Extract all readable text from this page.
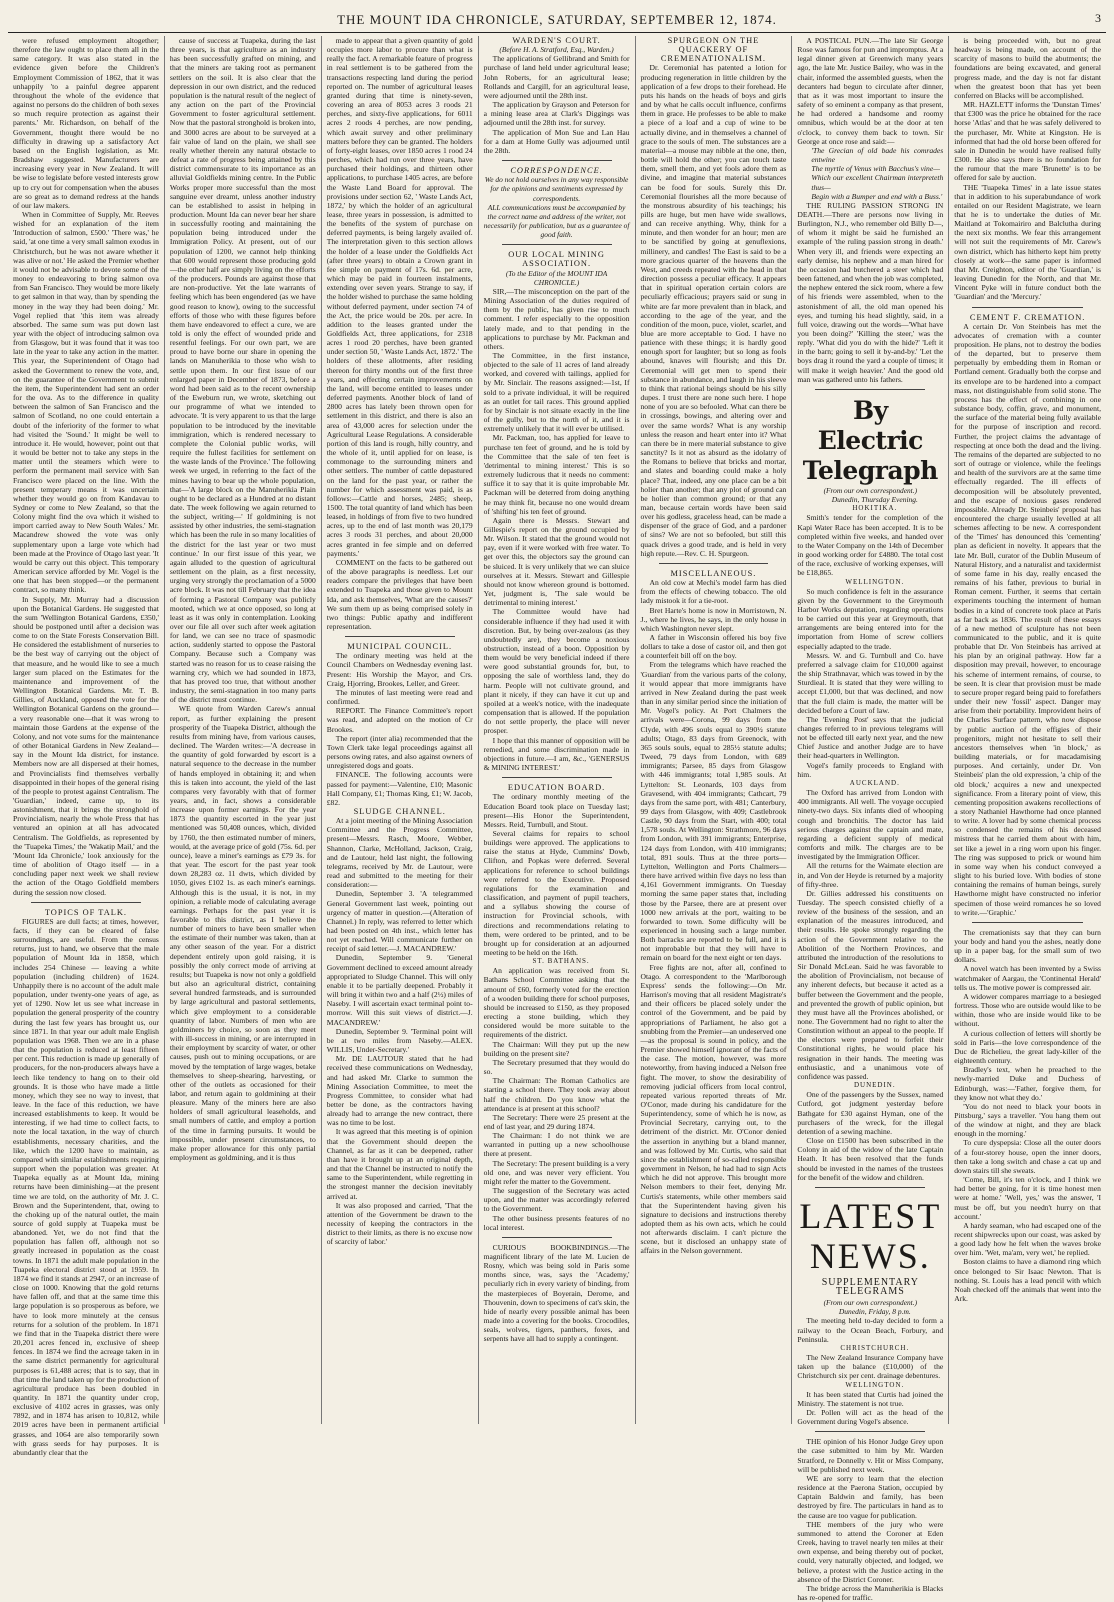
THE MOUNT IDA CHRONICLE, SATURDAY, SEPTEMBER 12, 1874.	3

were refused employment altogether; therefore the law ought to place them all in the same category. It was also stated in the evidence given before the Children's Employment Commission of 1862, that it was unhappily 'to a painful degree apparent throughout the whole of the evidence that against no persons do the children of both sexes so much require protection as against their parents.' Mr. Richardson, on behalf of the Government, thought there would be no difficulty in drawing up a satisfactory Act based on the English legislation, as Mr. Bradshaw suggested. Manufacturers are increasing every year in New Zealand. It will be wise to legislate before vested interests grow up to cry out for compensation when the abuses are so great as to demand redress at the hands of our law makers.

When in Committee of Supply, Mr. Reeves wished for an explanation of the item 'Introduction of salmon, £500.' 'There was,' he said, 'at one time a very small salmon exodus in Christchurch, but he was not aware whether it was alive or not.' He asked the Premier whether it would not be advisable to devote some of the money to endeavoring to bring salmon ova from San Francisco. They would be more likely to get salmon in that way, than by spending the money in the way they had been doing.' Mr. Vogel replied that 'this item was already absorbed. The same sum was put down last year with the object of introducing salmon ova from Glasgow, but it was found that it was too late in the year to take any action in the matter. This year, the Superintendent of Otago had asked the Government to renew the vote, and, on the guarantee of the Government to submit the item, the Superintendent had sent an order for the ova. As to the difference in quality between the salmon of San Francisco and the salmon of Scotland, no one could entertain a doubt of the inferiority of the former to what had visited the 'Sound.' It might be well to introduce it. He would, however, point out that it would be better not to take any steps in the matter until the steamers which were to perform the permanent mail service with San Francisco were placed on the line. With the present temperary means it was uncertain whether they would go on from Kandavau to Sydney or come to New Zealand, so that the Colony might find the ova which it wished to import carried away to New South Wales.' Mr. Macandrew showed the vote was only supplementary upon a large vote which had been made at the Province of Otago last year. 'It would be carry out this object. This temporary American service afforded by Mr. Vogel is the one that has been stopped—or the permanent contract, so many think.

In Supply, Mr. Murray had a discussion upon the Botanical Gardens. He suggested that the sum 'Wellington Botanical Gardens, £350,' should be postponed until after a decision was come to on the State Forests Conservation Bill. He considered the establishment of nurseries to be the best way of carrying out the object of that measure, and he would like to see a much larger sum placed on the Estimates for the maintenance and improvement of the Wellington Botanical Gardens. Mr. T. B. Gillies, of Auckland, opposed the vote for the Wellington Botanical Gardens on the ground—a very reasonable one—that it was wrong to maintain those Gardens at the expense of the Colony, and not vote sums for the maintenance of other Botanical Gardens in New Zealand—say in the Mount Ida district, for instance. Members now are all dispersed at their homes, and Provincialists find themselves verbally disappointed in their hopes of the general rising of the people to protest against Centralism. The 'Guardian,' indeed, came up, to its astonishment, that it brings the stronghold of Provincialism, nearly the whole Press that has ventured an opinion at all has advocated Centralism. The Goldfields, as represented by the 'Tuapeka Times,' the 'Wakatip Mail,' and the 'Mount Ida Chronicle,' look anxiously for the time of abolition of Otago itself — in a concluding paper next week we shall review the action of the Otago Goldfield members during the session now closed.

TOPICS OF TALK.

FIGURES are dull facts; at times, however, facts, if they can be cleared of false surroundings, are useful. From the census returns, just to hand, we observe that the male population of Mount Ida in 1858, which includes 254 Chinese — leaving a white population (including children) of 1624. Unhappily there is no account of the adult male population, under twenty-one years of age, as yet of 1290. Now let us see what increase in population the general prosperity of the country during the last few years has brought us, our since 1871. In that year our adult male English population was 1968. Then we are in a phase that the population is reduced at least fifteen per cent. This reduction is made up generally of producers, for the non-producers always have a leech like tendency to hang on to their old grounds. It is those who have made a little money, which they see no way to invest, that leave. In the face of this reduction, we have increased establishments to keep. It would be interesting, if we had time to collect facts, to note the local taxation, in the way of church establishments, necessary charities, and the like, which the 1200 have to maintain, as compared with similar establishments requiring support when the population was greater. At Tuapeka equally as at Mount Ida, mining returns have been diminishing—at the present time we are told, on the authority of Mr. J. C. Brown and the Superintendent, that, owing to the choking up of the natural outlet, the main source of gold supply at Tuapeka must be abandoned. Yet, we do not find that the population has fallen off, although not so greatly increased in population as the coast towns. In 1871 the adult male population in the Tuapeka electoral district stood at 1959. In 1874 we find it stands at 2947, or an increase of close on 1000. Knowing that the gold returns have fallen off, and that at the same time this large population is so prosperous as before, we have to look more minutely at the census returns for a solution of the problem. In 1871 we find that in the Tuapeka district there were 20,201 acres fenced in, exclusive of sheep fences. In 1874 we find the acreage taken in in the same district permanently for agricultural purposes is 61,488 acres; that is to say, that in that time the land taken up for the production of agricultural produce has been doubled in quantity. In 1871 the quantity under crop, exclusive of 4102 acres in grasses, was only 7892, and in 1874 has arisen to 10,812, while 2019 acres have been in permanent artificial grasses, and 1064 are also temporarily sown with grass seeds for hay purposes. It is abundantly clear that the

cause of success at Tuapeka, during the last three years, is that agriculture as an industry has been successfully grafted on mining, and that the miners are taking root as permanent settlers on the soil. It is also clear that the depression in our own district, and the reduced population is the natural result of the neglect of any action on the part of the Provincial Government to foster agricultural settlement. Now that the pastoral stronghold is broken into, and 3000 acres are about to be surveyed at a fair value of land on the plain, we shall see really whether therein any natural obstacle to defeat a rate of progress being attained by this district commensurate to its importance as an alluvial Goldfields mining centre. In the Public Works proper more successful than the most sanguine ever dreamt, unless another industry can be established to assist in helping in production. Mount Ida can never bear her share in successfully rooting and maintaining the population being introduced under the Immigration Policy. At present, out of our population of 1200, we cannot help thinking that 600 would represent those producing gold—the other half are simply living on the efforts of the producers. Pounds are against those that are non-productive. Yet the late warrants of feeling which has been engendered (as we have good reason to know), owing to the successful efforts of those who with these figures before them have endeavored to effect a cure, we are told is only the effect of wounded pride and resentful feelings. For our own part, we are proud to have borne our share in opening the lands on Manuherikia to those who wish to settle upon them. In our first issue of our enlarged paper in December of 1873, before a word had been said as to the recent ownership of the Eweburn run, we wrote, sketching out our programme of what we intended to advocate. 'It is very apparent to us that the large population to be introduced by the inevitable immigration, which is rendered necessary to complete the Colonial public works, will require the fullest facilities for settlement on the waste lands of the Province.' The following week we urged, in referring to the fact of the mines having to bear up the whole population, that—'A large block on the Manuherikia Plain ought to be declared as a Hundred at no distant date. The week following we again returned to the subject, writing—' If goldmining is not assisted by other industries, the semi-stagnation which has been the rule in so many localities of the district for the last year or two must continue.' In our first issue of this year, we again alluded to the question of agricultural settlement on the plain, as a first necessity, urging very strongly the proclamation of a 5000 acre block. It was not till February that the idea of forming a Pastoral Company was publicly mooted, which we at once opposed, so long at least as it was only in contemplation. Looking over our file all over such after week agitation for land, we can see no trace of spasmodic action, suddenly started to oppose the Pastoral Company. Because such a Company was started was no reason for us to cease raising the warning cry, which we had sounded in 1873, that has proved too true, that without another industry, the semi-stagnation in too many parts of the district must continue.

WE quote from Warden Carew's annual report, as further explaining the present prosperity of the Tuapeka District, although the results from mining have, from various causes, declined. The Warden writes:—'A decrease in the quantity of gold forwarded by escort is a natural sequence to the decrease in the number of hands employed in obtaining it; and when this is taken into account, the yield of the last compares very favorably with that of former years, and, in fact, shows a considerable increase upon former earnings. For the year 1873 the quantity escorted in the year just mentioned was 50,408 ounces, which, divided by 1760, the then estimated number of miners, would, at the average price of gold (75s. 6d. per ounce), leave a miner's earnings as £79 3s. for that year. The escort for the past year took down 28,283 oz. 11 dwts, which divided by 1050, gives £102 1s. as each miner's earnings. Although this is the usual, it is not, in my opinion, a reliable mode of calculating average earnings. Perhaps for the past year it is favorable to this district, as I believe the number of miners to have been smaller when the estimate of their number was taken, than at any other season of the year. For a district dependent entirely upon gold raising, it is possibly the only correct mode of arriving at results; but Tuapeka is now not only a goldfield but also an agricultural district, containing several hundred farmsteads, and is surrounded by large agricultural and pastoral settlements, which give employment to a considerable quantity of labor. Numbers of men who are goldminers by choice, so soon as they meet with ill-success in mining, or are interrupted in their employment by scarcity of water, or other causes, push out to mining occupations, or are moved by the temptation of large wages, betake themselves to sheep-shearing, harvesting, or other of the outlets as occasioned for their labor, and return again to goldmining at their pleasure. Many of the miners here are also holders of small agricultural leaseholds, and small numbers of cattle, and employ a portion of the time in farming pursuits. It would be impossible, under present circumstances, to make proper allowance for this only partial employment as goldmining, and it is thus

made to appear that a given quantity of gold occupies more labor to procure than what is really the fact. A remarkable feature of progress in real settlement is to be gathered from the transactions respecting land during the period reported on. The number of agricultural leases granted during that time is ninety-seven, covering an area of 8053 acres 3 roods 21 perches, and sixty-five applications, for 6011 acres 2 roods 4 perches, are now pending, which await survey and other preliminary matters before they can be granted. The holders of forty-eight leases, over 1850 acres 1 rood 24 perches, which had run over three years, have purchased their holdings, and thirteen other applications, to purchase 1405 acres, are before the Waste Land Board for approval. The provisions under section 62, ' Waste Lands Act, 1872,' by which the holder of an agricultural lease, three years in possession, is admitted to the benefits of the system of purchase on deferred payments, is being largely availed of. The interpretation given to this section allows the holder of a lease under the Goldfields Act (after three years) to obtain a Crown grant in fee simple on payment of 17s. 6d. per acre, which may be paid in fourteen instalments, extending over seven years. Strange to say, if the holder wished to purchase the same holding without deferred payment, under section 74 of the Act, the price would be 20s. per acre. In addition to the leases granted under the Goldfields Act, three applications, for 2318 acres 1 rood 20 perches, have been granted under section 50, ' Waste Lands Act, 1872.' The holders of these allotments, after residing thereon for thirty months out of the first three years, and effecting certain improvements on the land, will become entitled to leases under deferred payments. Another block of land of 2800 acres has lately been thrown open for settlement in this district, and there is also an area of 43,000 acres for selection under the Agricultural Lease Regulations. A considerable portion of this land is rough, hilly country, and the whole of it, until applied for on lease, is commonage to the surrounding miners and other settlers. The number of cattle depastured on the land for the past year, or rather the number for which assessment was paid, is as follows:—Cattle and horses, 2485; sheep, 1500. The total quantity of land which has been leased, in holdings of from five to two hundred acres, up to the end of last month was 20,179 acres 3 roods 31 perches, and about 20,000 acres granted in fee simple and on deferred payments.'

COMMENT on the facts to be gathered out of the above paragraphs is needless. Let our readers compare the privileges that have been extended to Tuapeka and those given to Mount Ida, and ask themselves, 'What are the causes?' We sum them up as being comprised solely in two things: Public apathy and indifferent representation.

MUNICIPAL COUNCIL.

The ordinary meeting was held at the Council Chambers on Wednesday evening last. Present: His Worship the Mayor, and Crs. Craig, Hjorring, Brookes, Leller, and Greer.

The minutes of last meeting were read and confirmed.

REPORT. The Finance Committee's report was read, and adopted on the motion of Cr Brookes.

The report (inter alia) recommended that the Town Clerk take legal proceedings against all persons owing rates, and also against owners of unregistered dogs and goats.

FINANCE. The following accounts were passed for payment:—Valentine, £10; Masonic Hall Company, £1; Thomas King, £1; W. Jacob, £82.

SLUDGE CHANNEL.

At a joint meeting of the Mining Association Committee and the Progress Committee, present—Messrs. Rasch, Moore, Webber, Shannon, Clarke, McHolland, Jackson, Craig, and de Lautour, held last night, the following telegrams, received by Mr. de Lautour, were read and submitted to the meeting for their consideration:—

Dunedin, September 3. 'A telegrammed General Government last week, pointing out urgency of matter in question.—(Alteration of Channel.) In reply, was referred to letter which had been posted on 4th inst., which letter has not yet reached. Will communicate further on receipt of said letter.—J. MACANDREW.'

Dunedin, September 9. 'General Government declined to exceed amount already appropriated to Sludge Channel. This will only enable it to be partially deepened. Probably it will bring it within two and a half (2½) miles of Naseby. I will ascertain exact terminal point to-morrow. Will this suit views of district.—J. MACANDREW.'

Dunedin, September 9. 'Terminal point will be at two miles from Naseby.—ALEX. WILLIS, Under-Secretary.'

Mr. DE LAUTOUR stated that he had received these communications on Wednesday, and had asked Mr. Clarke to summon the Mining Association Committee, to meet the Progress Committee, to consider what had better be done, as the contractors having already had to arrange the new contract, there was no time to be lost.

It was agreed that this meeting is of opinion that the Government should deepen the Channel, as far as it can be deepened, rather than have it brought up at an original depth, and that the Channel be instructed to notify the same to the Superintendent, while regretting in the strongest manner the decision inevitably arrived at.

It was also proposed and carried, 'That the attention of the Government be drawn to the necessity of keeping the contractors in the district to their limits, as there is no excuse now of scarcity of labor.'

WARDEN'S COURT.

(Before H. A. Stratford, Esq., Warden.)

The applications of Gellibrand and Smith for purchase of land held under agricultural lease; John Roberts, for an agricultural lease; Rollands and Cargill, for an agricultural lease, were adjourned until the 28th inst.

The application by Grayson and Peterson for a mining lease area at Clark's Diggings was adjourned until the 28th inst. for survey.

The application of Mon Sue and Lan Hau for a dam at Home Gully was adjourned until the 28th.

CORRESPONDENCE.

We do not hold ourselves in any way responsible for the opinions and sentiments expressed by correspondents.

ALL communications must be accompanied by the correct name and address of the writer, not necessarily for publication, but as a guarantee of good faith.

OUR LOCAL MINING ASSOCIATION.

(To the Editor of the MOUNT IDA CHRONICLE.)

SIR,—The misconception on the part of the Mining Association of the duties required of them by the public, has given rise to much comment. I refer especially to the opposition lately made, and to that pending in the applications to purchase by Mr. Packman and others.

The Committee, in the first instance, objected to the sale of 11 acres of land already worked, and covered with tailings, applied for by Mr. Sinclair. The reasons assigned:—1st, If sold to a private individual, it will be required as an outlet for tail races. This ground applied for by Sinclair is not situate exactly in the line of the gully, but to the north of it, and it is extremely unlikely that it will ever be utilised.

Mr. Packman, too, has applied for leave to purchase ten feet of ground, and he is told by the Committee that the sale of ten feet is 'detrimental to mining interest.' This is so extremely ludicrous that it needs no comment: suffice it to say that it is quite improbable Mr. Packman will be deterred from doing anything he may think fit, because no one would dream of 'shifting' his ten feet of ground.

Again there is Messrs. Stewart and Gillespie's report on the ground occupied by Mr. Wilson. It stated that the ground would not pay, even if it were worked with free water. To get over this, the objectors say the ground can be sluiced. It is very unlikely that we can sluice ourselves at it. Messrs. Stewart and Gillespie should not know whereon ground is bottomed. Yet, judgment is, 'The sale would be detrimental to mining interest.'

The Committee would have had considerable influence if they had used it with discretion. But, by being over-zealous (as they undoubtedly are), they become a noxious obstruction, instead of a boon. Opposition by them would be very beneficial indeed if there were good substantial grounds for, but, to opposing the sale of worthless land, they do harm. People will not cultivate ground, and plant it nicely, if they can have it cut up and spoiled at a week's notice, with the inadequate compensation that is allowed. If the population do not settle properly, the place will never prosper.

I hope that this manner of opposition will be remedied, and some discrimination made in objections in future.—I am, &c., 'GENERSUS & MINING INTEREST.'

EDUCATION BOARD.

The ordinary monthly meeting of the Education Board took place on Tuesday last; present—His Honor the Superintendent, Messrs. Reid, Turnbull, and Stout.

Several claims for repairs to school buildings were approved. The applications to raise the status at Hyde, Cummins' Dowb, Clifton, and Popkas were deferred. Several applications for reference to school buildings were referred to the Executive. Proposed regulations for the examination and classification, and payment of pupil teachers, and a syllabus showing the course of instruction for Provincial schools, with directions and recommendations relating to them, were ordered to be printed, and to be brought up for consideration at an adjourned meeting to be held on the 16th.

ST. BATHANS.

An application was received from St. Bathans School Committee asking that the amount of £60, formerly voted for the erection of a wooden building there for school purposes, should be increased to £150, as they proposed erecting a stone building, which they considered would be more suitable to the requirements of the district.

The Chairman: Will they put up the new building on the present site?

The Secretary presumed that they would do so.

The Chairman: The Roman Catholics are starting a school there. They took away about half the children. Do you know what the attendance is at present at this school?

The Secretary: There were 25 present at the end of last year, and 29 during 1874.

The Chairman: I do not think we are warranted in putting up a new schoolhouse there at present.

The Secretary: The present building is a very old one, and was never very efficient. You might refer the matter to the Government.

The suggestion of the Secretary was acted upon, and the matter was accordingly referred to the Government.

The other business presents features of no local interest.

CURIOUS BOOKBINDINGS.—The magnificent library of the late M. Lucien de Rosny, which was being sold in Paris some months since, was, says the 'Academy,' peculiarly rich in every variety of binding, from the masterpieces of Boyerain, Derome, and Thouvenin, down to specimens of cat's skin, the hide of nearly every possible animal has been made into a covering for the books. Crocodiles, seals, wolves, tigers, panthers, foxes, and serpents have all had to supply a contingent.

SPURGEON ON THE QUACKERY OF CREMENATIONALISM.

Dr. Ceremonial has patented a lotion for producing regeneration in little children by the application of a few drops to their forehead. He puts his hands on the heads of boys and girls and by what he calls occult influence, confirms them in grace. He professes to be able to make a piece of a loaf and a cup of wine to be actually divine, and in themselves a channel of grace to the souls of men. The substances are a material—a mouse may nibble at the one, then, bottle will hold the other; you can touch taste them, smell them, and yet fools adore them as divine, and imagine that material substances can be food for souls. Surely this Dr. Ceremonial flourishes all the more because of the monstrous absurdity of his teachings; his pills are huge, but men have wide swallows, and can receive anything. Why, think for a minute, and then wonder for an hour; men are to be sanctified by going at genuflexions, millinery, and candles! The East is said to be a more gracious quarter of the heavens than the West, and creeds repeated with the head in that direction possess a peculiar efficacy. It appears that in spiritual operation certain colors are peculiarly efficacious; prayers said or sung in white are far more prevalent than in black, and according to the age of the year, and the condition of the moon, puce, violet, scarlet, and blue are more acceptable to God. I have no patience with these things; it is hardly good enough sport for laughter; but so long as fools abound, knaves will flourish; and this Dr. Ceremonial will get men to spend their substance in abundance, and laugh in his sleeve to think that rational beings should be his silly dupes. I trust there are none such here. I hope none of you are so befooled. What can there be in crossings, bowings, and altering over and over the same words? What is any worship unless the reason and heart enter into it? What can there be in mere material substance to give sanctity? Is it not as absurd as the idolatry of the Romans to believe that bricks and mortar, and slates and boarding could make a holy place? That, indeed, any one place can be a bit holier than another; that any plot of ground can be holier than common ground; or that any man, because certain words have been said over his godless, graceless head, can be made a dispenser of the grace of God, and a pardoner of sins? We are not so befooled, but still this quack drives a good trade, and is held in very high repute.—Rev. C. H. Spurgeon.

MISCELLANEOUS.

An old cow at Mechi's model farm has died from the effects of chewing tobacco. The old lady mistook it for a tie-root.

Bret Harte's home is now in Morristown, N. J., where he lives, he says, in the only house in which Washington never slept.

A father in Wisconsin offered his boy five dollars to take a dose of castor oil, and then got a counterfeit bill off on the boy.

From the telegrams which have reached the 'Guardian' from the various parts of the colony, it would appear that more immigrants have arrived in New Zealand during the past week than in any similar period since the initiation of Mr. Vogel's policy. At Port Chalmers the arrivals were—Corona, 99 days from the Clyde, with 496 souls equal to 390½ statute adults; Otago, 83 days from Greenock, with 365 souls souls, equal to 285½ statute adults; Tweed, 79 days from London, with 689 immigrants; Parsee, 85 days from Glasgow with 446 immigrants; total 1,985 souls. At Lyttelton: St. Leonards, 103 days from Gravesend, with 404 immigrants; Cathcart, 79 days from the same port, with 481; Canterbury, 99 days from Glasgow, with 409; Castlebrook Castle, 90 days from the Start, with 400; total 1,578 souls. At Wellington: Strathmore, 96 days from London, with 391 immigrants; Enterprise, 124 days from London, with 410 immigrants; total, 891 souls. Thus at the three ports—Lyttelton, Wellington and Ports Chalmers—there have arrived within five days no less than 4,161 Government immigrants. On Tuesday morning the same paper states that, including those by the Parsee, there are at present over 1000 new arrivals at the port, waiting to be forwarded to town. Some difficulty will be experienced in housing such a large number. Both barracks are reported to be full, and it is not improbable but that they will have to remain on board for the next eight or ten days.

Free fights are not, after all, confined to Otago. A correspondent to the 'Marlborough Express' sends the following:—On Mr. Harrison's moving that all resident Magistrate's and their officers be placed solely under the control of the Government, and be paid by appropriations of Parliament, he also got a snubbing from the Premier—an undeserved one—as the proposal is sound in policy, and the Premier showed himself ignorant of the facts of the case. The motion, however, was more noteworthy, from having induced a Nelson free fight. The mover, to show the desirability of removing judicial officers from local control, repeated various reported threats of Mr. O'Conor, made during his candidature for the Superintendency, some of which he is now, as Provincial Secretary, carrying out, to the detriment of the district. Mr. O'Conor denied the assertion in anything but a bland manner, and was followed by Mr. Curtis, who said that since the establishment of so-called responsible government in Nelson, he had had to sign Acts which he did not approve. This brought more Nelson members to their feet, denying Mr. Curtis's statements, while other members said that the Superintendent having given his signature to decisions and instructions thereby adopted them as his own acts, which he could not afterwards disclaim. I can't picture the scene, but it disclosed an unhappy state of affairs in the Nelson government.

A POSTICAL PUN.—The late Sir George Rose was famous for pun and impromptus. At a legal dinner given at Greenwich many years ago, the late Mr. Justice Bailey, who was in the chair, informed the assembled guests, when the decanters had begun to circulate after dinner, that as it was most important to insure the safety of so eminent a company as that present, he had ordered a handsome and roomy omnibus, which would be at the door at ten o'clock, to convey them back to town. Sir George at once rose and said:—

'The Grecian of old bade his comrades entwine

The myrtle of Venus with Bacchus's vine—

Which our excellent Chairman interpreteth thus—

Begin with a Bumper and end with a Buss.'

THE RULING PASSION STRONG IN DEATH.—There are persons now living in Burlington, N.J., who remember old Billy D—, of whom it might be said he furnished an example of 'the ruling passion strong in death.' When very ill, and friends were expecting an early demise, his nephew and a man hired for the occasion had butchered a steer which had been fattened, and when the job was completed, the nephew entered the sick room, where a few of his friends were assembled, when to the astonishment of all, the old man opened his eyes, and turning his head slightly, said, in a full voice, drawing out the words—'What have you been doing?' 'Killing the steer,' was the reply. 'What did you do with the hide?' 'Left it in the barn; going to sell it by-and-by.' 'Let the boys drag it round the yard a couple of times; it will make it weigh heavier.' And the good old man was gathered unto his fathers.

By Electric Telegraph

(From our own correspondent.)

Dunedin, Thursday Evening.

HOKITIKA.

Smith's tender for the completion of the Kapi Water Race has been accepted. It is to be completed within five weeks, and handed over to the Water Company on the 14th of December in good working order for £4880. The total cost of the race, exclusive of working expenses, will be £18,865.

WELLINGTON.

So much confidence is felt in the assurance given by the Government to the Greymouth Harbor Works deputation, regarding operations to be carried out this year at Greymouth, that arrangements are being entered into for the importation from Home of screw colliers especially adapted to the trade.

Messrs. W. and G. Turnbull and Co. have preferred a salvage claim for £10,000 against the ship Strathnavar, which was towed in by the Sturdieal. It is stated that they were willing to accept £1,000, but that was declined, and now that the full claim is made, the matter will be decided before a Court of law.

The 'Evening Post' says that the judicial changes referred to in previous telegrams will not be effected till early next year, and the new Chief Justice and another Judge are to have their head-quarters in Wellington.

Vogel's family proceeds to England with him.

AUCKLAND.

The Oxford has arrived from London with 400 immigrants. All well. The voyage occupied ninety-two days. Six infants died of whooping cough and bronchitis. The doctor has laid serious charges against the captain and mate, regarding a deficient supply of medical comforts and milk. The charges are to be investigated by the Immigration Officer.

All the returns for the Waimate election are in, and Von der Heyde is returned by a majority of fifty-three.

Dr. Gillies addressed his constituents on Tuesday. The speech consisted chiefly of a review of the business of the session, and an explanation of the measures introduced, and their results. He spoke strongly regarding the action of the Government relative to the Abolition of the Northern Provinces, and attributed the introduction of the resolutions to Sir Donald McLean. Said he was favorable to the abolition of Provincialism, not because of any inherent defects, but because it acted as a buffer between the Government and the people, and prevented the growth of public opinion, but they must have all the Provinces abolished, or none. The Government had no right to alter the Constitution without an appeal to the people. If the electors were prepared to forfeit their Constitutional rights, he would place his resignation in their hands. The meeting was enthusiastic, and a unanimous vote of confidence was passed.

DUNEDIN.

One of the passengers by the Sussex, named Cutford, got judgment yesterday before Bathgate for £30 against Hyman, one of the purchasers of the wreck, for the illegal detention of a sewing machine.

Close on £1500 has been subscribed in the Colony in aid of the widow of the late Captain Heath. It has been resolved that the funds should be invested in the names of the trustees for the benefit of the widow and children.

LATEST NEWS.
SUPPLEMENTARY TELEGRAMS

(From our own correspondent.)

Dunedin, Friday, 8 p.m.

The meeting held to-day decided to form a railway to the Ocean Beach, Forbury, and Peninsula.

CHRISTCHURCH.

The New Zealand Insurance Company have taken up the balance (£10,000) of the Christchurch six per cent. drainage debentures.

WELLINGTON.

It has been stated that Curtis had joined the Ministry. The statement is not true.

Dr. Pollen will act as the head of the Government during Vogel's absence.

THE opinion of his Honor Judge Grey upon the case submitted to him by Mr. Warden Stratford, re Donnelly v. Hit or Miss Company, will be published next week.

WE are sorry to learn that the election residence at the Paerona Station, occupied by Captain Baldwin and family, has been destroyed by fire. The particulars in hand as to the cause are too vague for publication.

THE members of the jury who were summoned to attend the Coroner at Eden Creek, having to travel nearly ten miles at their own expense, and being thereby out of pocket, could, very naturally objected, and lodged, we believe, a protest with the Justice acting in the absence of the District Coroner.

The bridge across the Manuherikia is Blacks has re-opened for traffic.

is being proceeded with, but no great headway is being made, on account of the scarcity of masons to build the abutments; the foundations are being excavated, and general progress made, and the day is not far distant when the greatest boon that has yet been conferred on Blacks will be accomplished.

MR. HAZLETT informs the 'Dunstan Times' that £300 was the price he obtained for the race horse 'Atlas' and that he was safely delivered to the purchaser, Mr. White at Kingston. He is informed that had the old horse been offered for sale in Dunedin he would have realised fully £300. He also says there is no foundation for the rumour that the mare 'Brunette' is to be offered for sale by auction.

THE 'Tuapeka Times' in a late issue states that in addition to his superabundance of work entailed on our Resident Magistrate, we learn that he is to undertake the duties of Mr. Maitland at Tokomairiro and Balclutha during the next six months. We fear this arrangement will not suit the requirements of Mr. Carew's own district, which has hitherto kept him pretty closely at work—the same paper is informed that Mr. Creighton, editor of the 'Guardian,' is leaving Dunedin for the North, and that Mr. Vincent Pyke will in future conduct both the 'Guardian' and the 'Mercury.'

CEMENT F. CREMATION.

A certain Dr. Von Steinbeis has met the advocates of cremation with a counter proposition. He plans, not to destroy the bodies of the departed, but to preserve them perpetually by embedding them in Roman or Portland cement. Gradually both the corpse and its envelope are to be hardened into a compact mass, not distinguishable from solid stone. The process has the effect of combining in one substance body, coffin, grave, and monument, the surface of the material being fully available for the purpose of inscription and record. Further, the project claims the advantage of respecting at once both the dead and the living. The remains of the departed are subjected to no sort of outrage or violence, while the feelings and health of the survivors are at the same time effectually regarded. The ill effects of decomposition will be absolutely prevented, and the escape of noxious gases rendered impossible. Already Dr. Steinbeis' proposal has encountered the charge usually levelled at all schemes affecting to be new. A correspondent of the 'Times' has denounced this 'cementing' plan as deficient in novelty. It appears that the late Mr. Bull, curator of the Dublin Museum of Natural History, and a naturalist and taxidermist of some fame in his day, really encased the remains of his father, previous to burial in Roman cement. Further, it seems that certain experiments touching the interment of human bodies in a kind of concrete took place at Paris as far back as 1836. The result of these essays of a new method of sculpture has not been communicated to the public, and it is quite probable that Dr. Von Steinbeis has arrived at his plan by an original pathway. How far a disposition may prevail, however, to encourage his scheme of interment remains, of course, to be seen. It is clear that provision must be made to secure proper regard being paid to forefathers under their new 'fossil' aspect. Danger may arise from their portability. Improvident heirs of the Charles Surface pattern, who now dispose by public auction of the effigies of their progenitors, might not hesitate to sell their ancestors themselves when 'in block,' as building materials, or for macadamising purposes. And certainly, under Dr. Von Steinbeis' plan the old expression, 'a chip of the old block,' acquires a new and unexpected significance. From a literary point of view, this cementing proposition awakens recollections of a story Nathaniel Hawthorne had once planned to write. A lover had by some chemical process so condensed the remains of his deceased mistress that he carried them about with him, set like a jewel in a ring worn upon his finger. The ring was supposed to prick or wound him in some way when his conduct conveyed a slight to his buried love. With bodies of stone containing the remains of human beings, surely Hawthorne might have constructed no inferior specimen of those weird romances he so loved to write.—'Graphic.'

The cremationists say that they can burn your body and hand you the ashes, neatly done up in a paper bag, for the small sum of two dollars.

A novel watch has been invented by a Swiss watchmaker of Aargau, the 'Continental Herald' tells us. The motive power is compressed air.

A widower compares marriage to a besieged fortress. Those who are outside would like to be within, those who are inside would like to be without.

A curious collection of letters will shortly be sold in Paris—the love correspondence of the Duc de Richelieu, the great lady-killer of the eighteenth century.

Bradley's text, when he preached to the newly-married Duke and Duchess of Edinburgh, was:—'Father, forgive them, for they know not what they do.'

'You do not need to black your boots in Pittsburg,' says a traveller. 'You hang them out of the window at night, and they are black enough in the morning.'

To cure dyspepsia: Close all the outer doors of a four-storey house, open the inner doors, then take a long switch and chase a cat up and down stairs till she sweats.

'Come, Bill, it's ten o'clock, and I think we had better be going, for it is time honest men were at home.' 'Well, yes,' was the answer, 'I must be off, but you needn't hurry on that account.'

A hardy seaman, who had escaped one of the recent shipwrecks upon our coast, was asked by a good lady how he felt when the waves broke over him. 'Wet, ma'am, very wet,' he replied.

Boston claims to have a diamond ring which once belonged to Sir Isaac Newton. That is nothing. St. Louis has a lead pencil with which Noah checked off the animals that went into the Ark.
